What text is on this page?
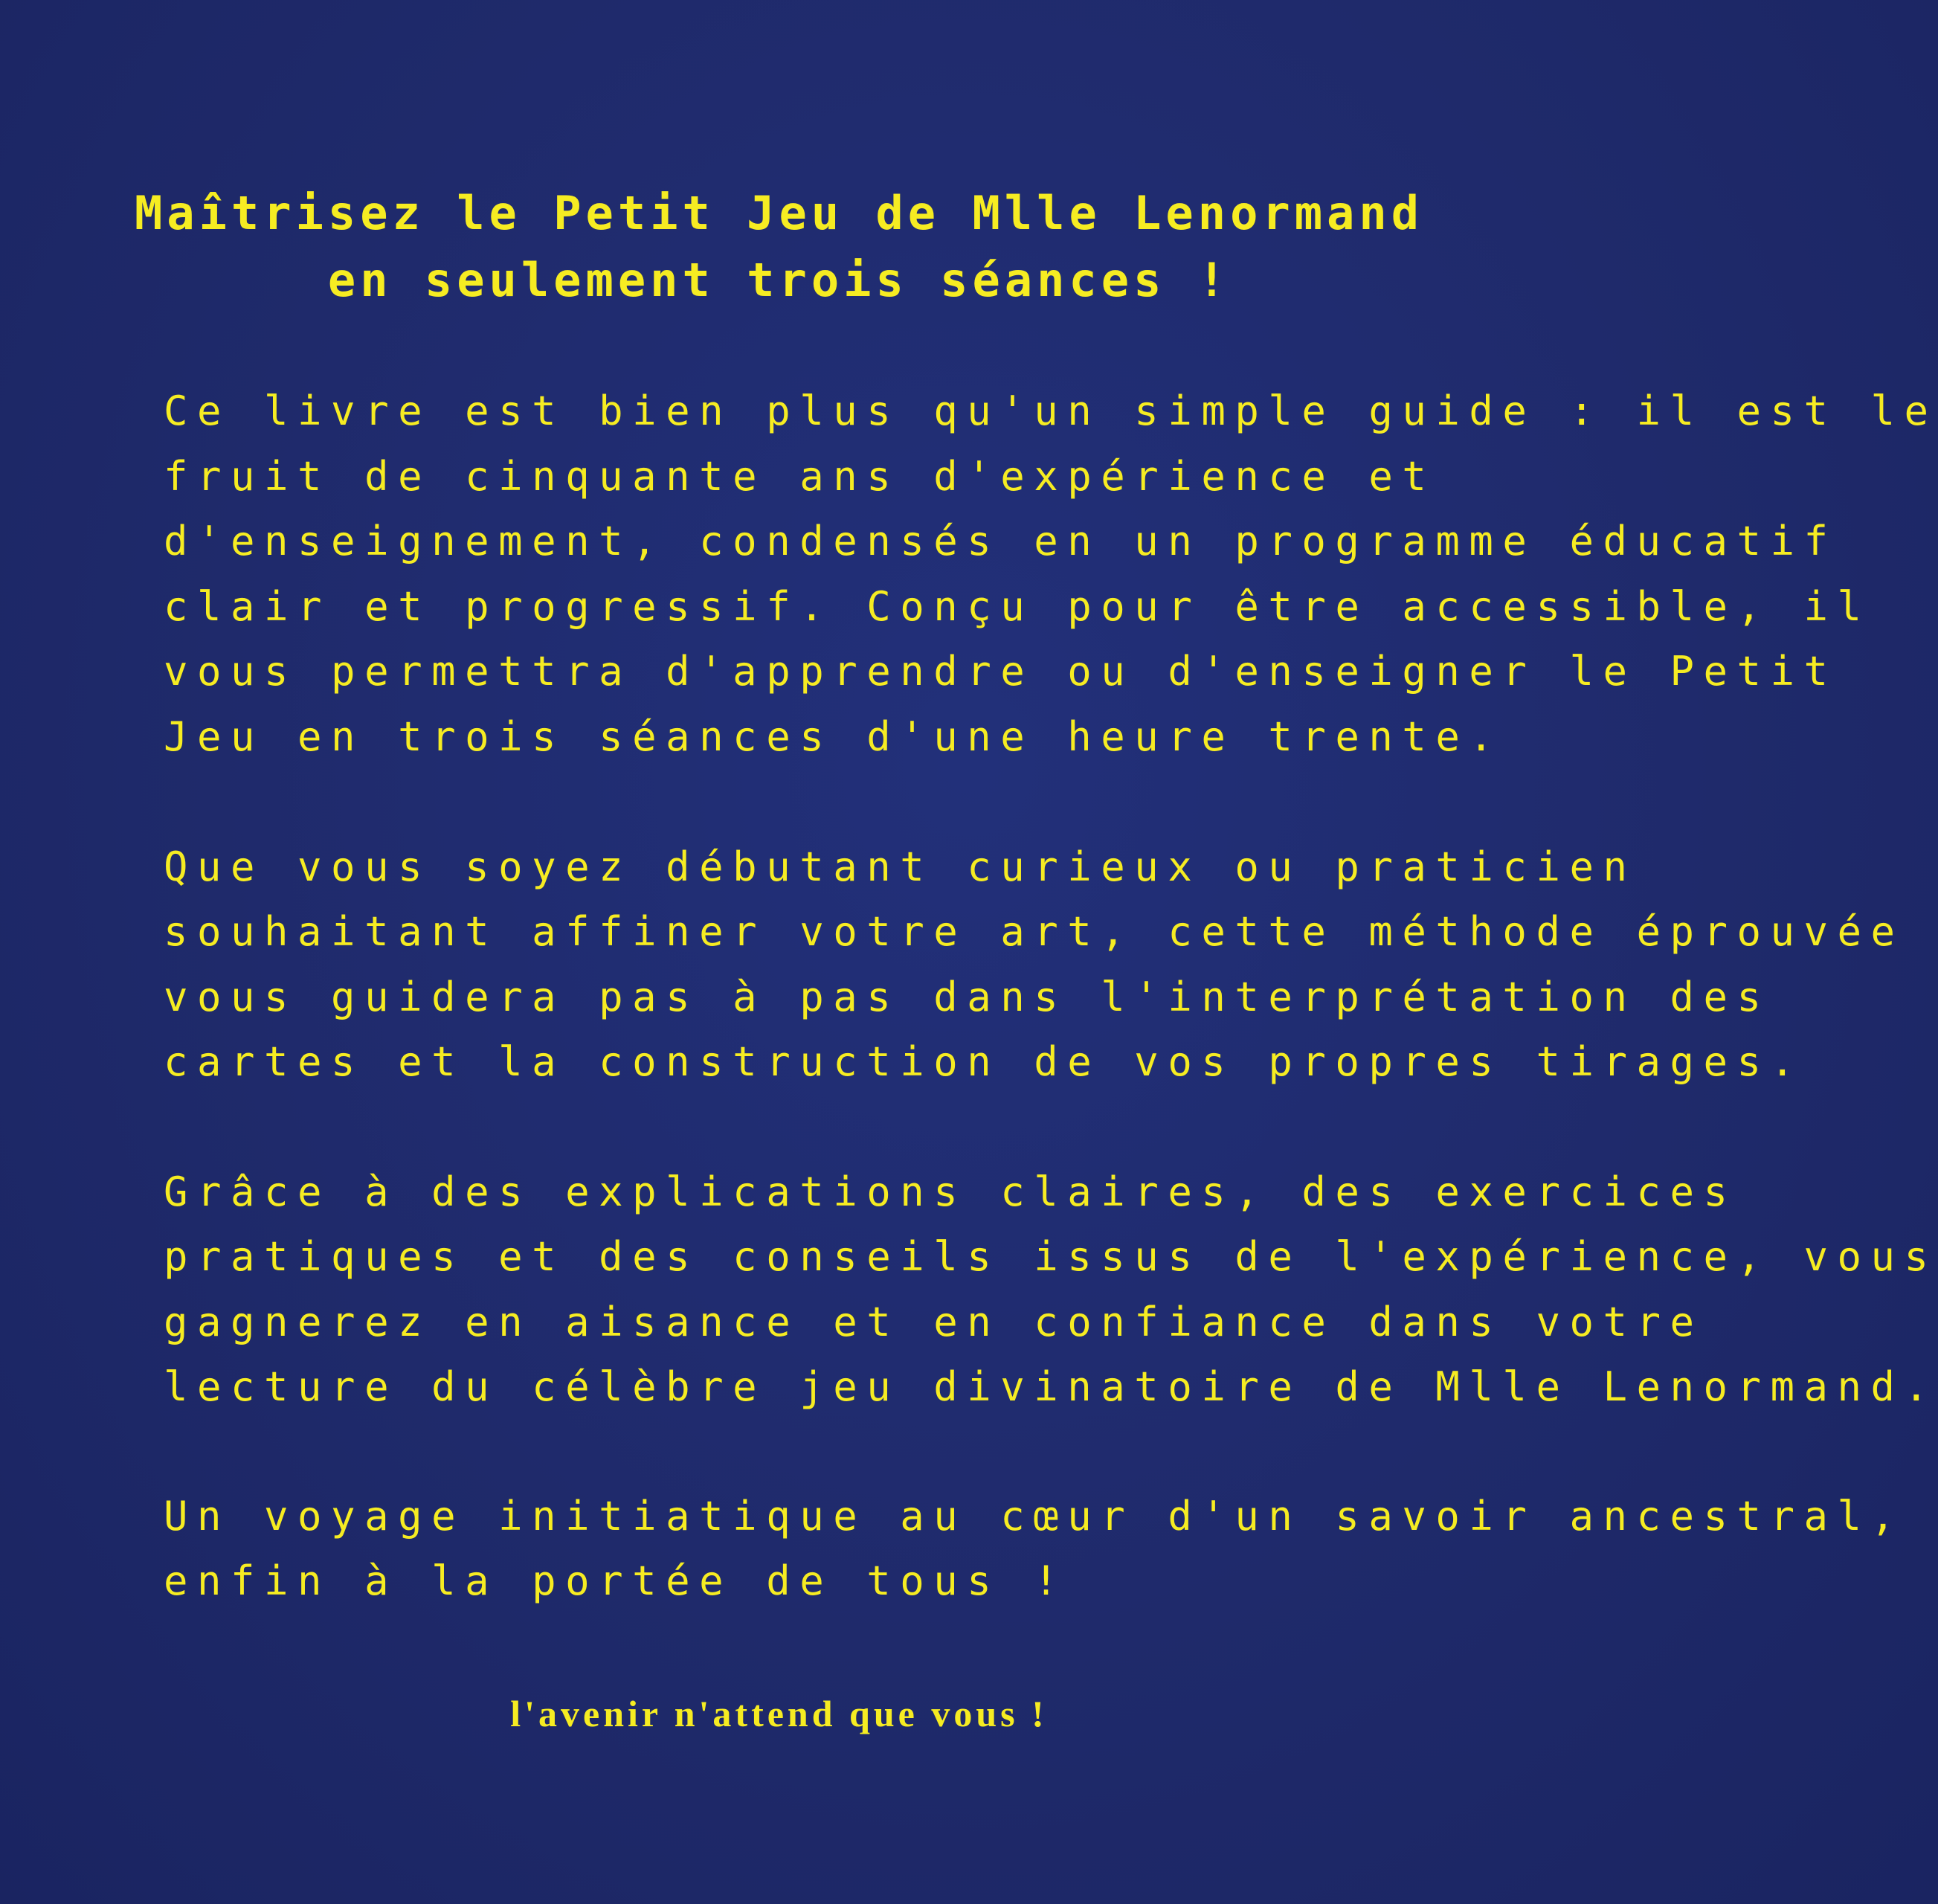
Maîtrisez le Petit Jeu de Mlle Lenormand
en seulement trois séances !
Ce livre est bien plus qu'un simple guide : il est le
fruit de cinquante ans d'expérience et
d'enseignement, condensés en un programme éducatif
clair et progressif. Conçu pour être accessible, il
vous permettra d'apprendre ou d'enseigner le Petit
Jeu en trois séances d'une heure trente.
Que vous soyez débutant curieux ou praticien
souhaitant affiner votre art, cette méthode éprouvée
vous guidera pas à pas dans l'interprétation des
cartes et la construction de vos propres tirages.
Grâce à des explications claires, des exercices
pratiques et des conseils issus de l'expérience, vous
gagnerez en aisance et en confiance dans votre
lecture du célèbre jeu divinatoire de Mlle Lenormand.
Un voyage initiatique au cœur d'un savoir ancestral,
enfin à la portée de tous !
l'avenir n'attend que vous !
